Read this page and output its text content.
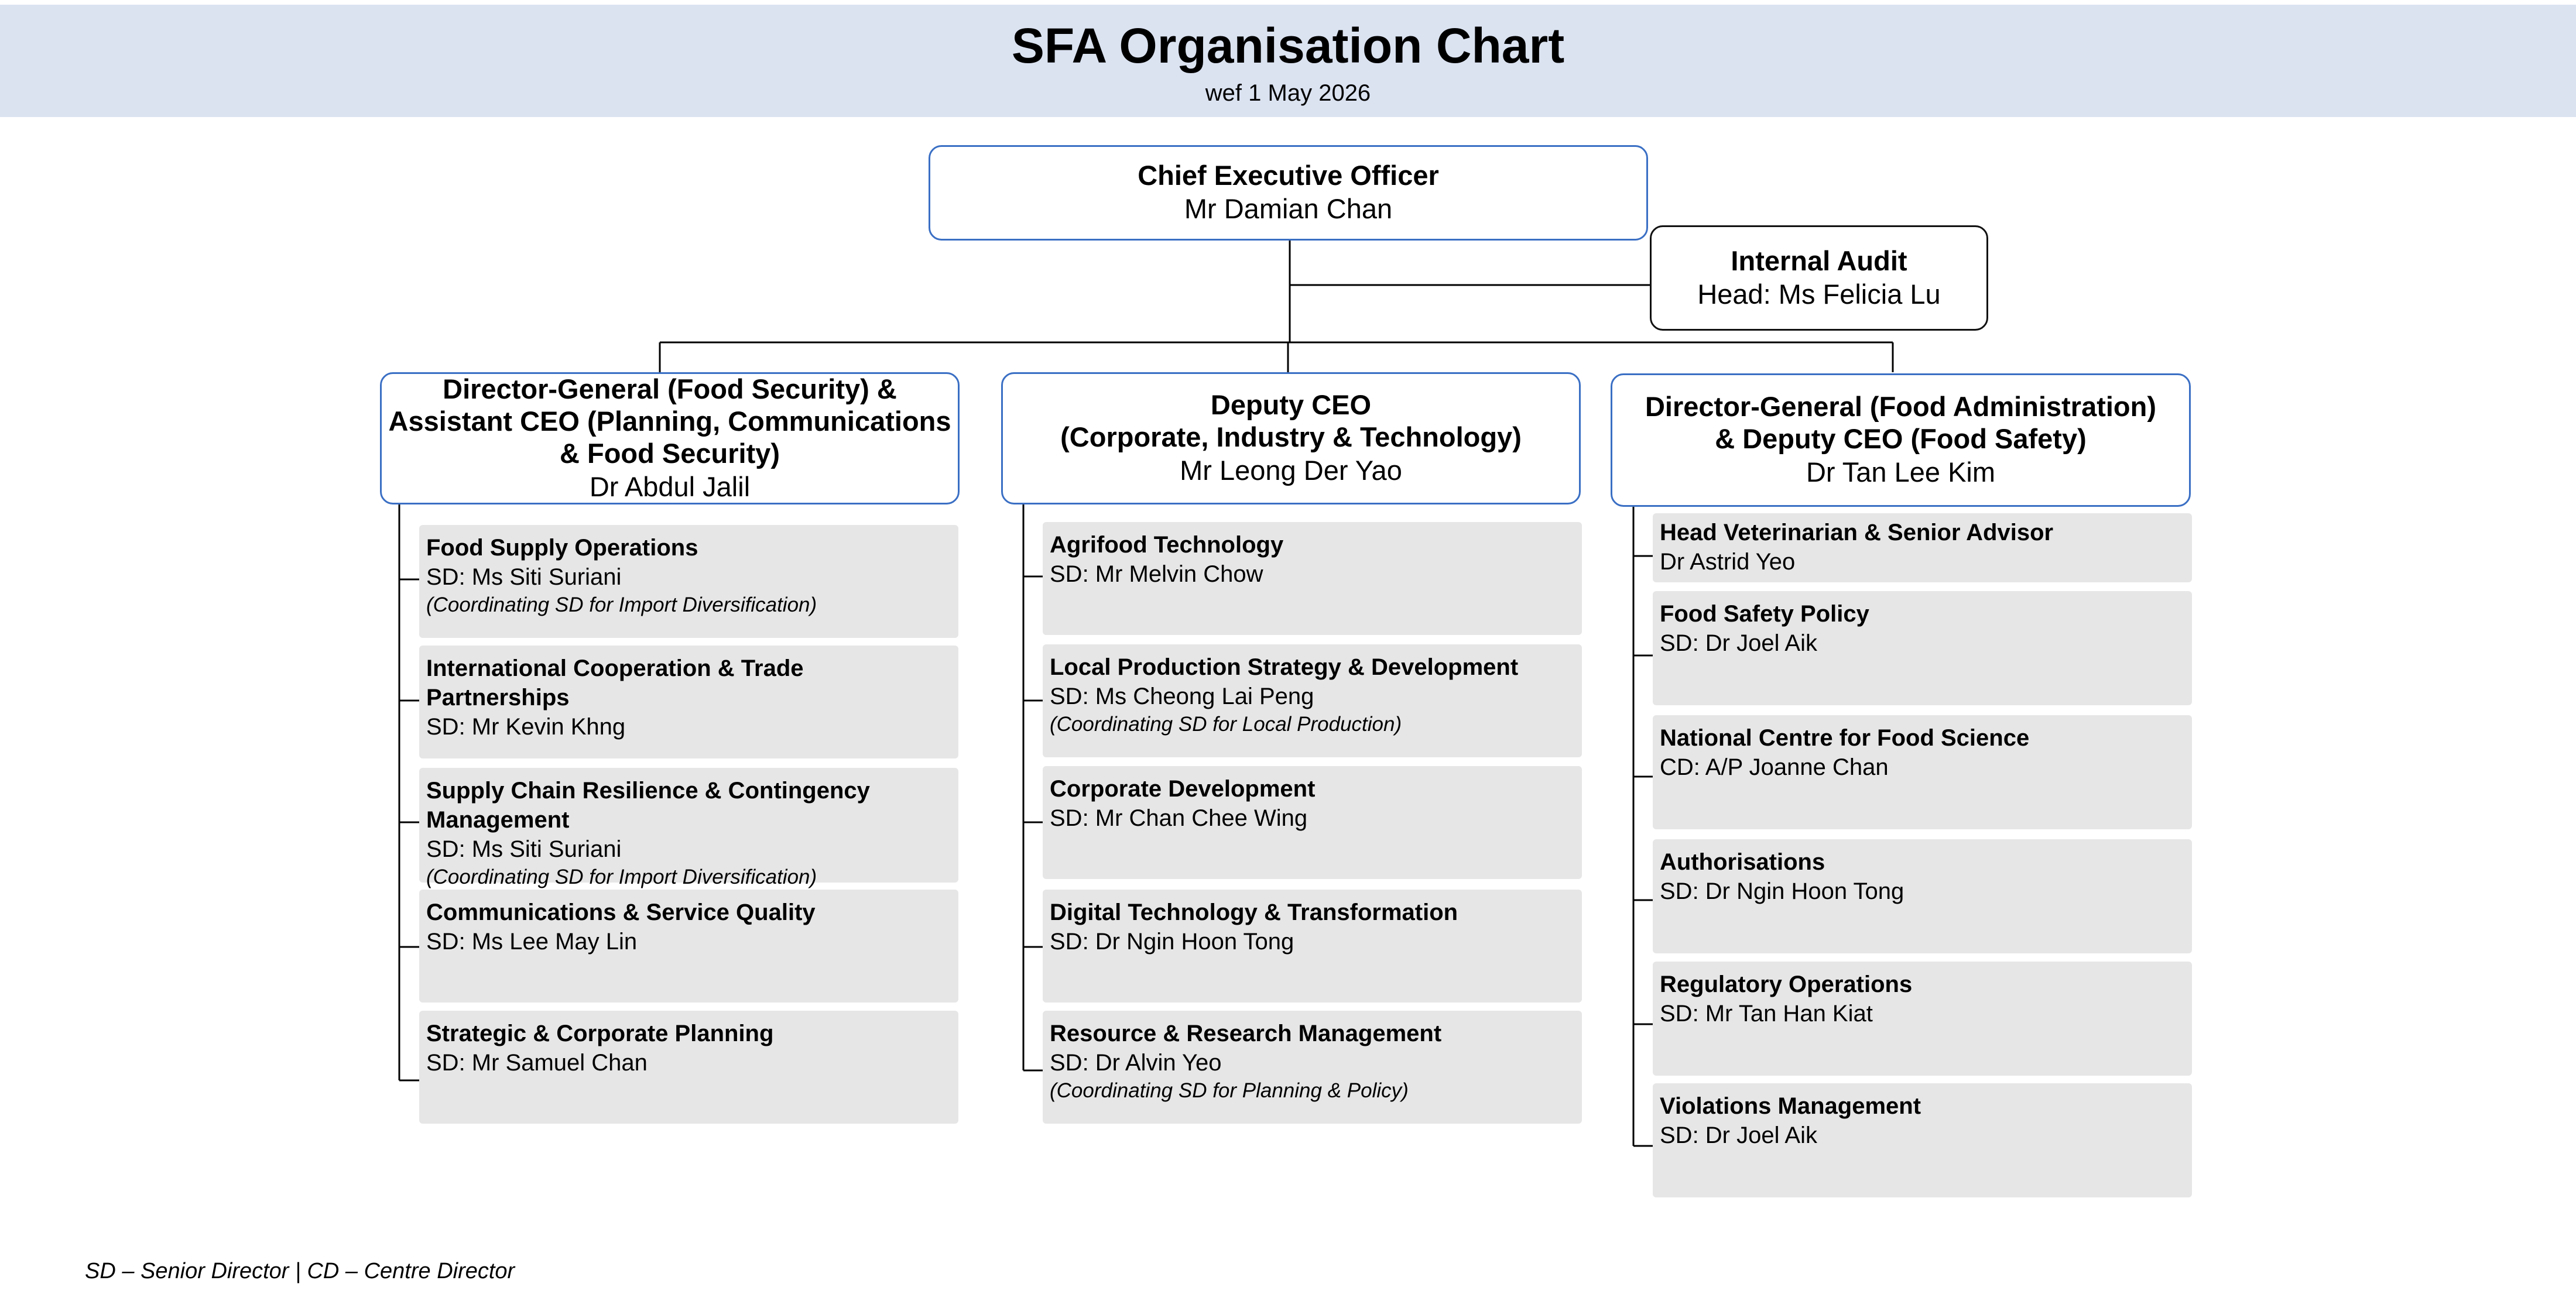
SFA Organisation Chart
wef 1 May 2026
Chief Executive Officer
Mr Damian Chan
Internal Audit
Head: Ms Felicia Lu
Director-General (Food Security) &
Assistant CEO (Planning, Communications
& Food Security)
Dr Abdul Jalil
Deputy CEO
(Corporate, Industry & Technology)
Mr Leong Der Yao
Director-General (Food Administration)
& Deputy CEO (Food Safety)
Dr Tan Lee Kim
Food Supply Operations
SD: Ms Siti Suriani
(Coordinating SD for Import Diversification)
International Cooperation & Trade Partnerships
SD: Mr Kevin Khng
Supply Chain Resilience & Contingency Management
SD: Ms Siti Suriani
(Coordinating SD for Import Diversification)
Communications & Service Quality
SD: Ms Lee May Lin
Strategic & Corporate Planning
SD: Mr Samuel Chan
Agrifood Technology
SD: Mr Melvin Chow
Local Production Strategy & Development
SD: Ms Cheong Lai Peng
(Coordinating SD for Local Production)
Corporate Development
SD: Mr Chan Chee Wing
Digital Technology & Transformation
SD: Dr Ngin Hoon Tong
Resource & Research Management
SD: Dr Alvin Yeo
(Coordinating SD for Planning & Policy)
Head Veterinarian & Senior Advisor
Dr Astrid Yeo
Food Safety Policy
SD: Dr Joel Aik
National Centre for Food Science
CD: A/P Joanne Chan
Authorisations
SD: Dr Ngin Hoon Tong
Regulatory Operations
SD: Mr Tan Han Kiat
Violations Management
SD: Dr Joel Aik
SD – Senior Director | CD – Centre Director
